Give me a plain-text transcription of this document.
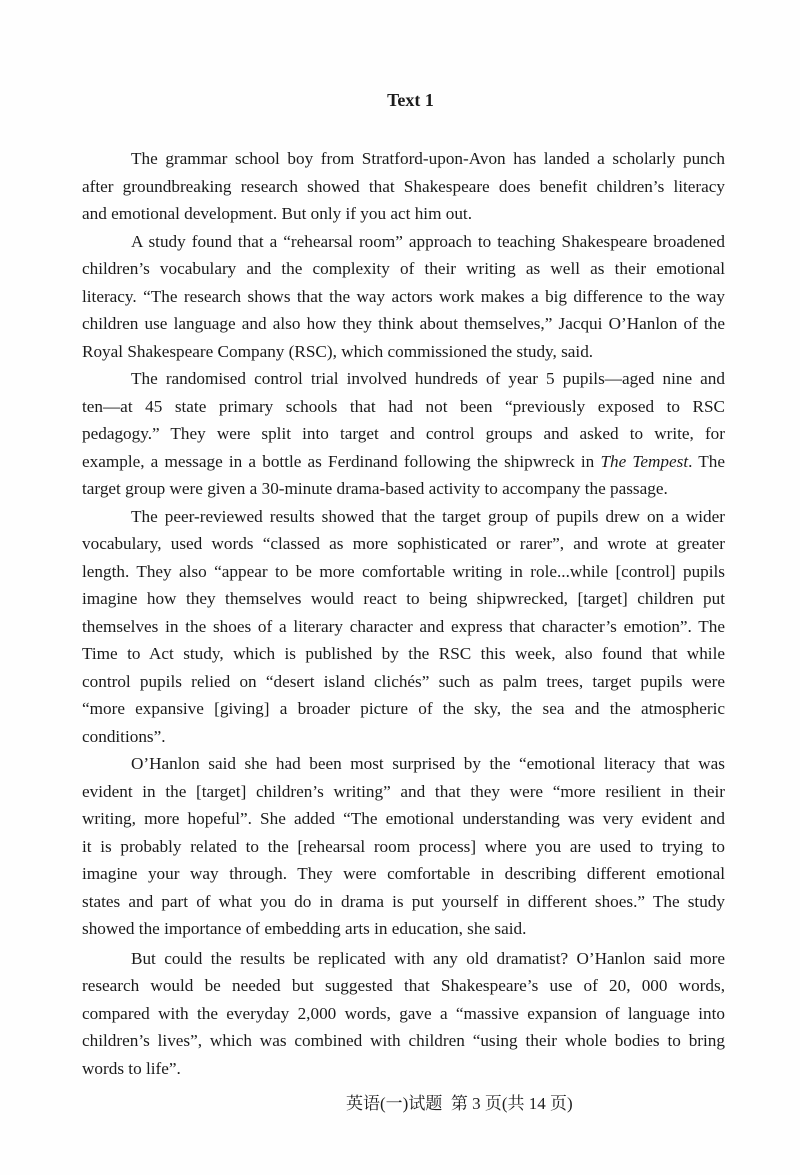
Text 1
The grammar school boy from Stratford-upon-Avon has landed a scholarly punch
after groundbreaking research showed that Shakespeare does benefit children’s literacy
and emotional development. But only if you act him out.
A study found that a “rehearsal room” approach to teaching Shakespeare broadened
children’s vocabulary and the complexity of their writing as well as their emotional
literacy. “The research shows that the way actors work makes a big difference to the way
children use language and also how they think about themselves,” Jacqui O’Hanlon of the
Royal Shakespeare Company (RSC), which commissioned the study, said.
The randomised control trial involved hundreds of year 5 pupils—aged nine and
ten—at 45 state primary schools that had not been “previously exposed to RSC
pedagogy.” They were split into target and control groups and asked to write, for
example, a message in a bottle as Ferdinand following the shipwreck in The Tempest. The
target group were given a 30-minute drama-based activity to accompany the passage.
The peer-reviewed results showed that the target group of pupils drew on a wider
vocabulary, used words “classed as more sophisticated or rarer”, and wrote at greater
length. They also “appear to be more comfortable writing in role...while [control] pupils
imagine how they themselves would react to being shipwrecked, [target] children put
themselves in the shoes of a literary character and express that character’s emotion”. The
Time to Act study, which is published by the RSC this week, also found that while
control pupils relied on “desert island clichés” such as palm trees, target pupils were
“more expansive [giving] a broader picture of the sky, the sea and the atmospheric
conditions”.
O’Hanlon said she had been most surprised by the “emotional literacy that was
evident in the [target] children’s writing” and that they were “more resilient in their
writing, more hopeful”. She added “The emotional understanding was very evident and
it is probably related to the [rehearsal room process] where you are used to trying to
imagine your way through. They were comfortable in describing different emotional
states and part of what you do in drama is put yourself in different shoes.” The study
showed the importance of embedding arts in education, she said.
But could the results be replicated with any old dramatist? O’Hanlon said more
research would be needed but suggested that Shakespeare’s use of 20, 000 words,
compared with the everyday 2,000 words, gave a “massive expansion of language into
children’s lives”, which was combined with children “using their whole bodies to bring
words to life”.
英语(一)试题  第 3 页(共 14 页)
